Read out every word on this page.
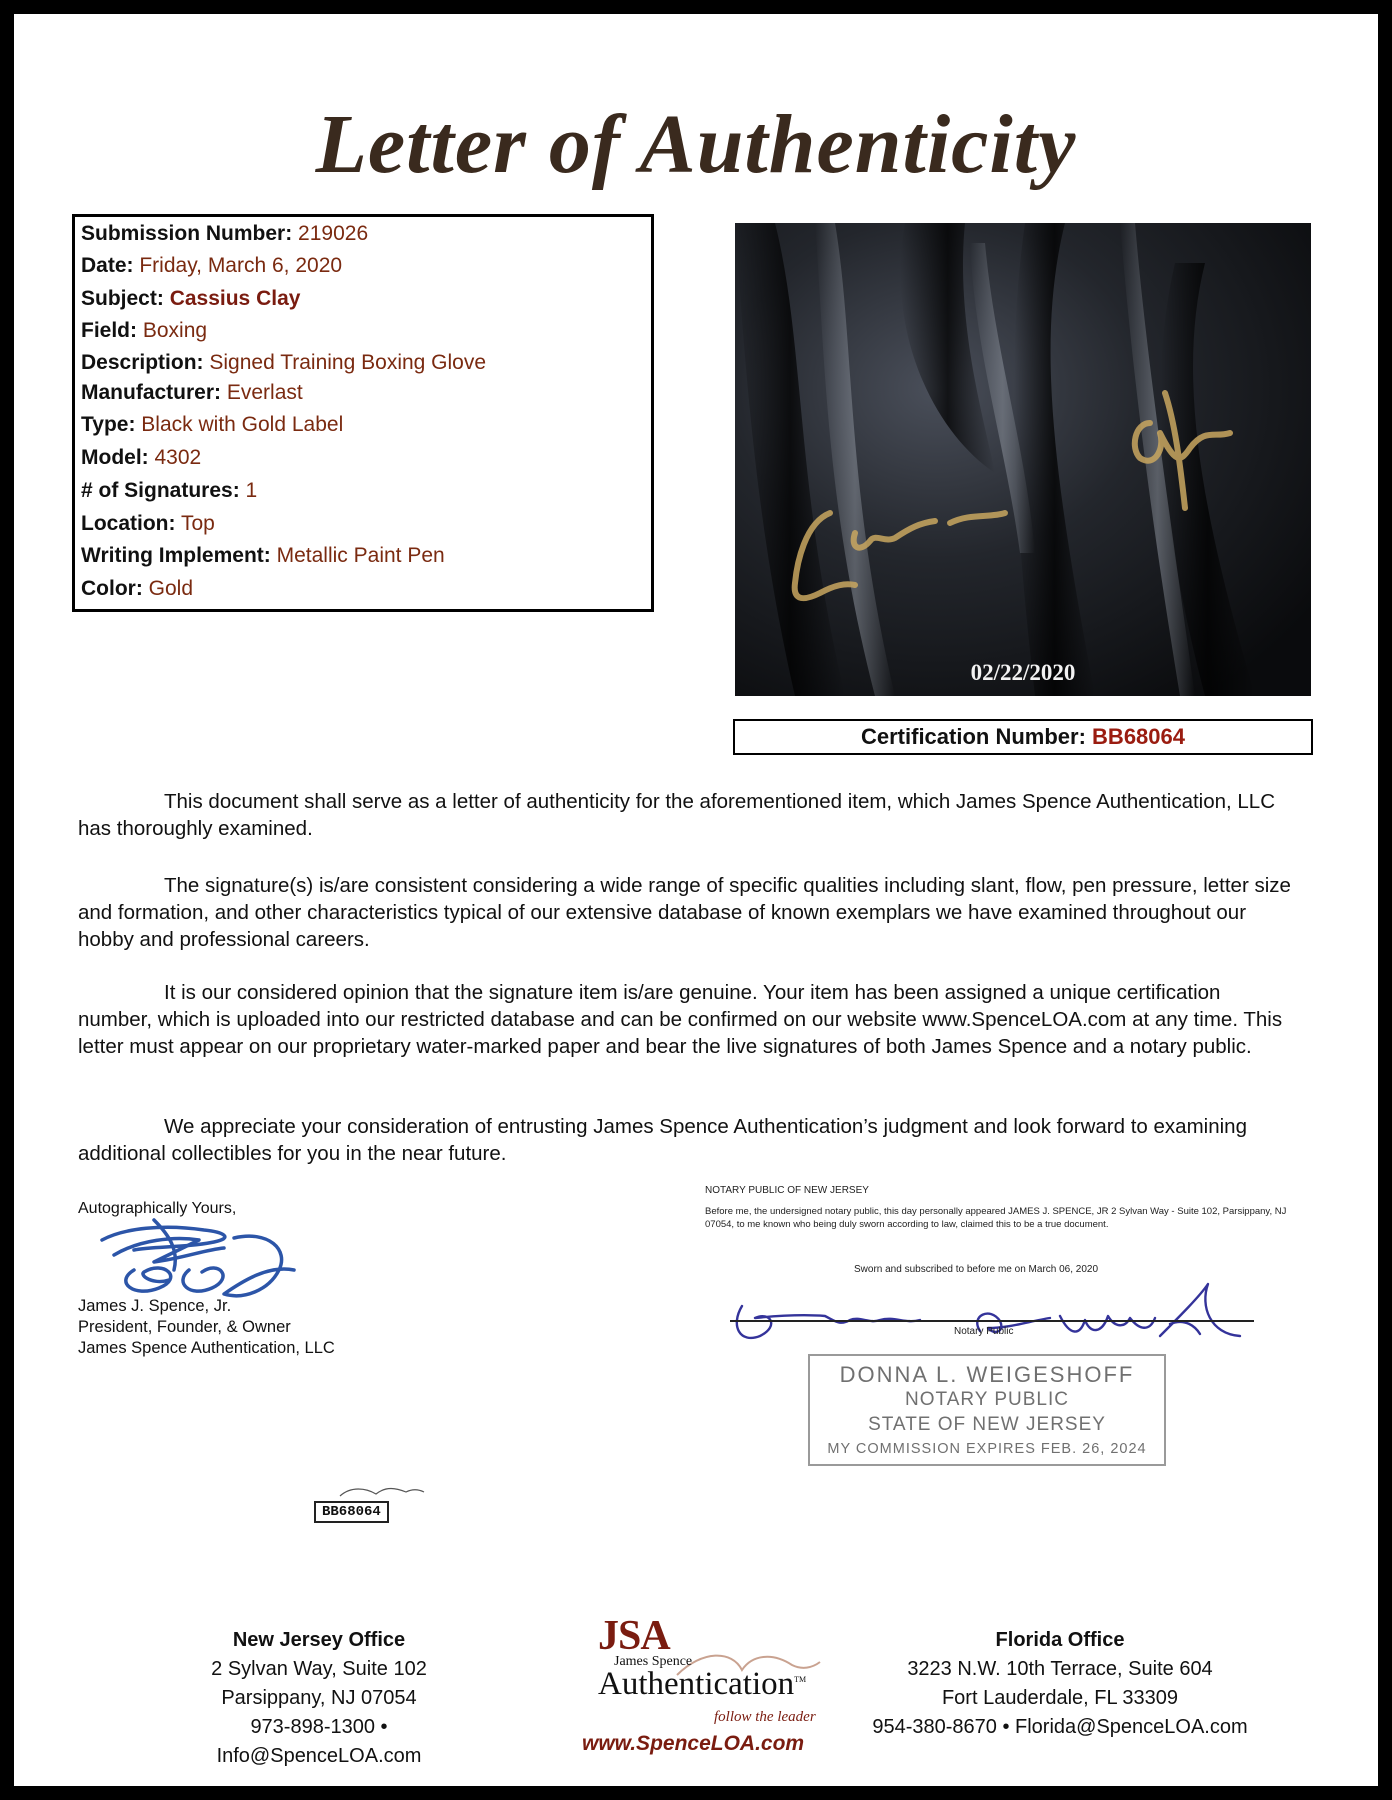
Letter of Authenticity
Submission Number: 219026
Date: Friday, March 6, 2020
Subject: Cassius Clay
Field: Boxing
Description: Signed Training Boxing Glove
Manufacturer: Everlast
Type: Black with Gold Label
Model: 4302
# of Signatures: 1
Location: Top
Writing Implement: Metallic Paint Pen
Color: Gold
02/22/2020
Certification Number: BB68064
This document shall serve as a letter of authenticity for the aforementioned item, which James Spence Authentication, LLC has thoroughly examined.
The signature(s) is/are consistent considering a wide range of specific qualities including slant, flow, pen pressure, letter size and formation, and other characteristics typical of our extensive database of known exemplars we have examined throughout our hobby and professional careers.
It is our considered opinion that the signature item is/are genuine. Your item has been assigned a unique certification number, which is uploaded into our restricted database and can be confirmed on our website www.SpenceLOA.com at any time. This letter must appear on our proprietary water-marked paper and bear the live signatures of both James Spence and a notary public.
We appreciate your consideration of entrusting James Spence Authentication’s judgment and look forward to examining additional collectibles for you in the near future.
Autographically Yours,
James J. Spence, Jr.
President, Founder, & Owner
James Spence Authentication, LLC
NOTARY PUBLIC OF NEW JERSEY
Before me, the undersigned notary public, this day personally appeared JAMES J. SPENCE, JR 2 Sylvan Way - Suite 102, Parsippany, NJ 07054, to me known who being duly sworn according to law, claimed this to be a true document.
Sworn and subscribed to before me on March 06, 2020
Notary Public
DONNA L. WEIGESHOFF
NOTARY PUBLIC
STATE OF NEW JERSEY
MY COMMISSION EXPIRES FEB. 26, 2024
BB68064
New Jersey Office
2 Sylvan Way, Suite 102
Parsippany, NJ 07054
973-898-1300 • Info@SpenceLOA.com
Florida Office
3223 N.W. 10th Terrace, Suite 604
Fort Lauderdale, FL 33309
954-380-8670 • Florida@SpenceLOA.com
JSA
James Spence
Authentication™
follow the leader
www.SpenceLOA.com
